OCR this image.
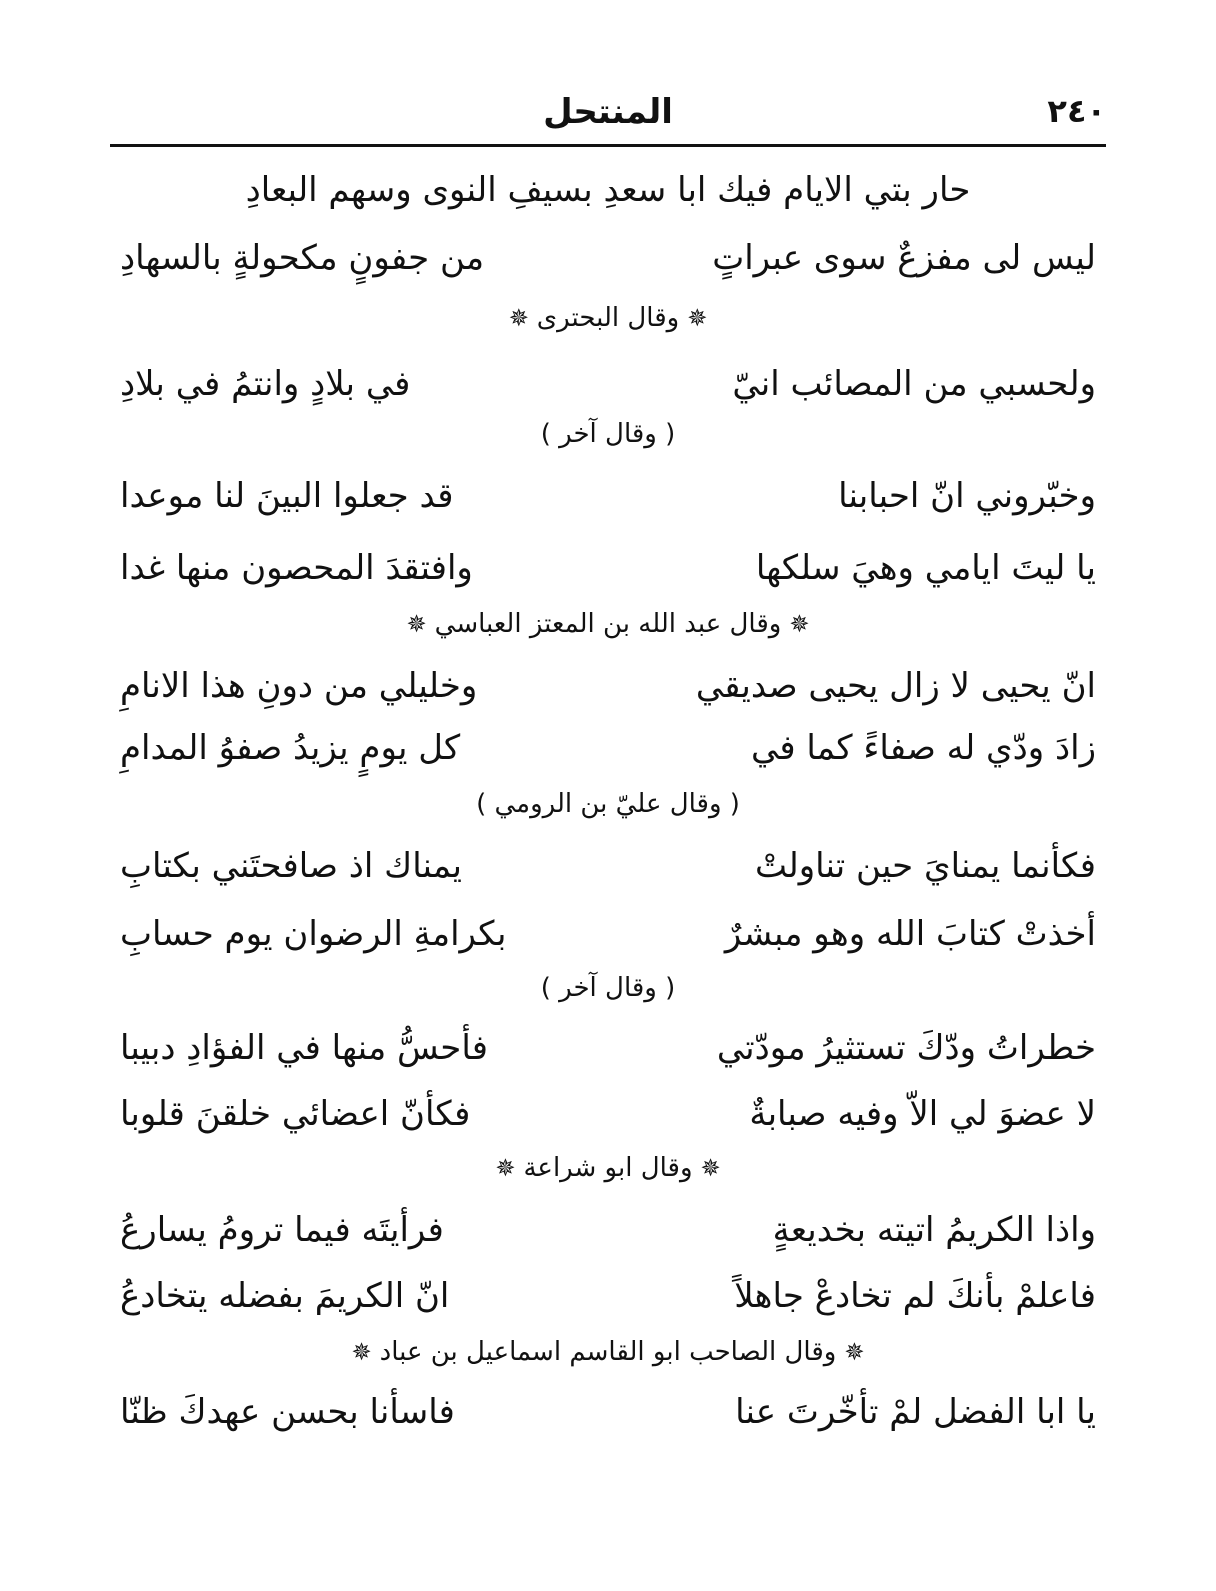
٢٤٠
المنتحل
حار بتي الايام فيك ابا سعدِ بسيفِ النوى وسهم البعادِ
ليس لى مفزعٌ سوى عبراتٍ
من جفونٍ مكحولةٍ بالسهادِ
✵وقال البحترى✵
ولحسبي من المصائب انيّ
في بلادٍ وانتمُ في بلادِ
( وقال آخر )
وخبّروني انّ احبابنا
قد جعلوا البينَ لنا موعدا
يا ليتَ ايامي وهيَ سلكها
وافتقدَ المحصون منها غدا
✵وقال عبد الله بن المعتز العباسي✵
انّ يحيى لا زال يحيى صديقي
وخليلي من دونِ هذا الانامِ
زادَ ودّي له صفاءً كما في
كل يومٍ يزيدُ صفوُ المدامِ
( وقال عليّ بن الرومي )
فكأنما يمنايَ حين تناولتْ
يمناك اذ صافحتَني بكتابِ
أخذتْ كتابَ الله وهو مبشرٌ
بكرامةِ الرضوان يوم حسابِ
( وقال آخر )
خطراتُ ودّكَ تستثيرُ مودّتي
فأحسُّ منها في الفؤادِ دبيبا
لا عضوَ لي الاّ وفيه صبابةٌ
فكأنّ اعضائي خلقنَ قلوبا
✵وقال ابو شراعة✵
واذا الكريمُ اتيته بخديعةٍ
فرأيتَه فيما ترومُ يسارعُ
فاعلمْ بأنكَ لم تخادعْ جاهلاً
انّ الكريمَ بفضله يتخادعُ
✵وقال الصاحب ابو القاسم اسماعيل بن عباد✵
يا ابا الفضل لمْ تأخّرتَ عنا
فاسأنا بحسن عهدكَ ظنّا
